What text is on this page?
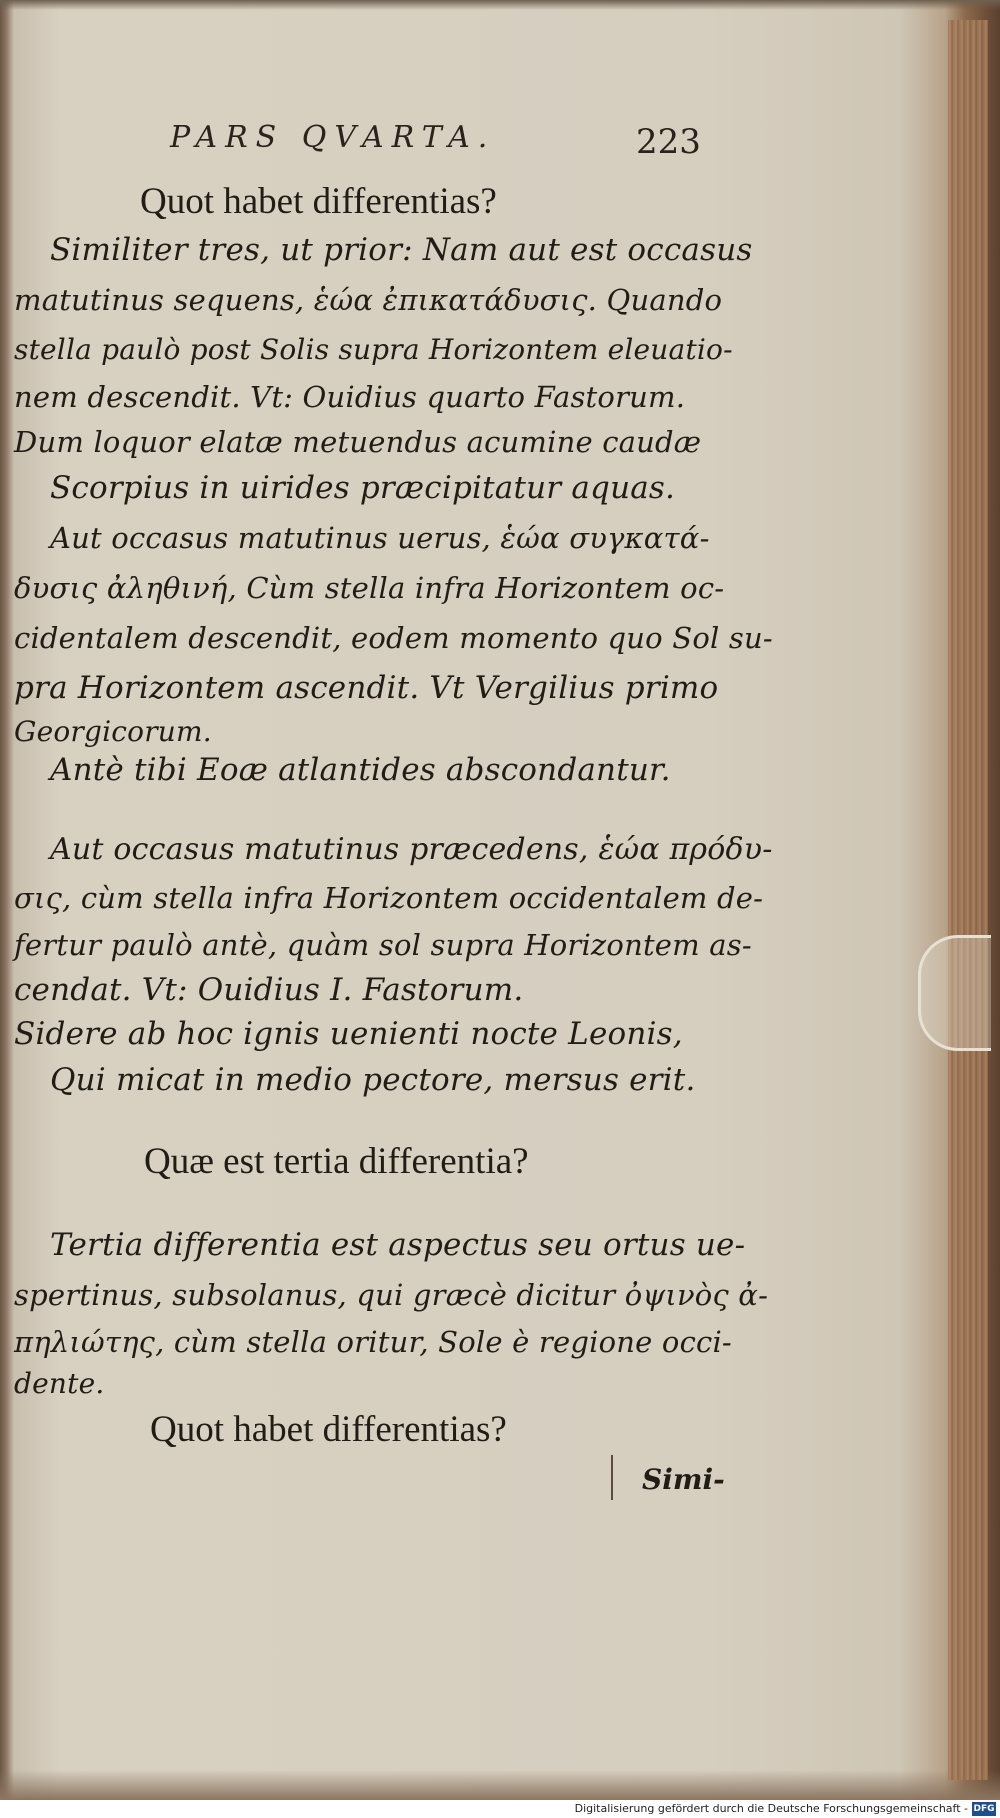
PARS QVARTA.	223
Quot habet differentias?
Similiter tres, ut prior: Nam aut est occasus
matutinus sequens, ἑώα ἐπικατάδυσις. Quando
stella paulò post Solis supra Horizontem eleuatio-
nem descendit. Vt: Ouidius quarto Fastorum.
Dum loquor elatæ metuendus acumine caudæ
Scorpius in uirides præcipitatur aquas.
Aut occasus matutinus uerus, ἑώα συγκατά-
δυσις ἀληθινή, Cùm stella infra Horizontem oc-
cidentalem descendit, eodem momento quo Sol su-
pra Horizontem ascendit. Vt Vergilius primo
Georgicorum.
Antè tibi Eoæ atlantides abscondantur.
Aut occasus matutinus præcedens, ἑώα πρόδυ-
σις, cùm stella infra Horizontem occidentalem de-
fertur paulò antè, quàm sol supra Horizontem as-
cendat. Vt: Ouidius I. Fastorum.
Sidere ab hoc ignis uenienti nocte Leonis,
Qui micat in medio pectore, mersus erit.
Quæ est tertia differentia?
Tertia differentia est aspectus seu ortus ue-
spertinus, subsolanus, qui græcè dicitur ὀψινὸς ἀ-
πηλιώτης, cùm stella oritur, Sole è regione occi-
dente.
Quot habet differentias?
Simi-
Digitalisierung gefördert durch die Deutsche Forschungsgemeinschaft - DFG
